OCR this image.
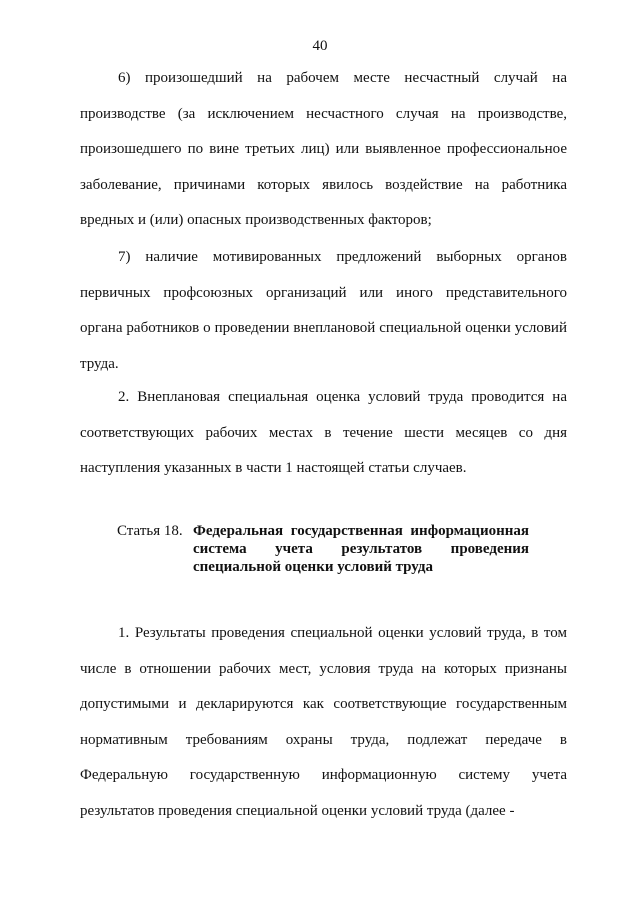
40

6) произошедший на рабочем месте несчастный случай на производстве (за исключением несчастного случая на производстве, произошедшего по вине третьих лиц) или выявленное профессиональное заболевание, причинами которых явилось воздействие на работника вредных и (или) опасных производственных факторов;

7) наличие мотивированных предложений выборных органов первичных профсоюзных организаций или иного представительного органа работников о проведении внеплановой специальной оценки условий труда.

2. Внеплановая специальная оценка условий труда проводится на соответствующих рабочих местах в течение шести месяцев со дня наступления указанных в части 1 настоящей статьи случаев.

Статья 18. Федеральная государственная информационная система учета результатов проведения специальной оценки условий труда

1. Результаты проведения специальной оценки условий труда, в том числе в отношении рабочих мест, условия труда на которых признаны допустимыми и декларируются как соответствующие государственным нормативным требованиям охраны труда, подлежат передаче в Федеральную государственную информационную систему учета результатов проведения специальной оценки условий труда (далее -
